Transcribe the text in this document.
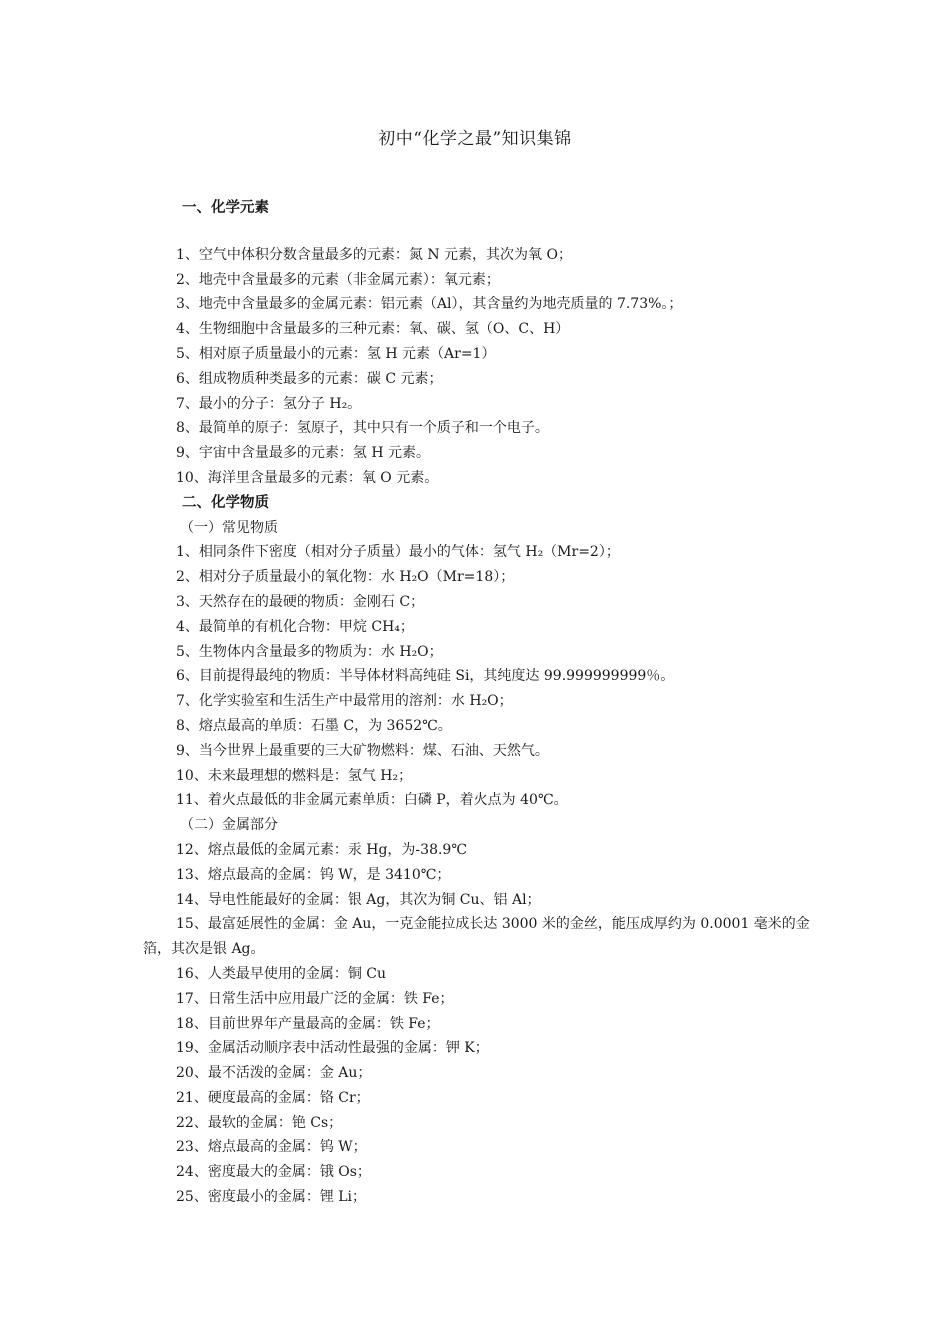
初中“化学之最”知识集锦

一、化学元素

1、空气中体积分数含量最多的元素：氮 N 元素，其次为氧 O；

2、地壳中含量最多的元素（非金属元素）：氧元素；

3、地壳中含量最多的金属元素：铝元素（Al），其含量约为地壳质量的 7.73%。；

4、生物细胞中含量最多的三种元素：氧、碳、氢（O、C、H）

5、相对原子质量最小的元素：氢 H 元素（Ar=1）

6、组成物质种类最多的元素：碳 C 元素；

7、最小的分子：氢分子 H₂。

8、最简单的原子：氢原子，其中只有一个质子和一个电子。

9、宇宙中含量最多的元素：氢 H 元素。

10、海洋里含量最多的元素：氧 O 元素。

二、化学物质

（一）常见物质

1、相同条件下密度（相对分子质量）最小的气体：氢气 H₂（Mr=2）；

2、相对分子质量最小的氧化物：水 H₂O（Mr=18）；

3、天然存在的最硬的物质：金刚石 C；

4、最简单的有机化合物：甲烷 CH₄；

5、生物体内含量最多的物质为：水 H₂O；

6、目前提得最纯的物质：半导体材料高纯硅 Si，其纯度达 99.999999999％。

7、化学实验室和生活生产中最常用的溶剂：水 H₂O；

8、熔点最高的单质：石墨 C，为 3652℃。

9、当今世界上最重要的三大矿物燃料：煤、石油、天然气。

10、未来最理想的燃料是：氢气 H₂；

11、着火点最低的非金属元素单质：白磷 P，着火点为 40℃。

（二）金属部分

12、熔点最低的金属元素：汞 Hg，为-38.9℃

13、熔点最高的金属：钨 W，是 3410℃；

14、导电性能最好的金属：银 Ag，其次为铜 Cu、铝 Al；

15、最富延展性的金属：金 Au，一克金能拉成长达 3000 米的金丝，能压成厚约为 0.0001 毫米的金箔，其次是银 Ag。

16、人类最早使用的金属：铜 Cu

17、日常生活中应用最广泛的金属：铁 Fe；

18、目前世界年产量最高的金属：铁 Fe；

19、金属活动顺序表中活动性最强的金属：钾 K；

20、最不活泼的金属：金 Au；

21、硬度最高的金属：铬 Cr；

22、最软的金属：铯 Cs；

23、熔点最高的金属：钨 W；

24、密度最大的金属：锇 Os；

25、密度最小的金属：锂 Li；
